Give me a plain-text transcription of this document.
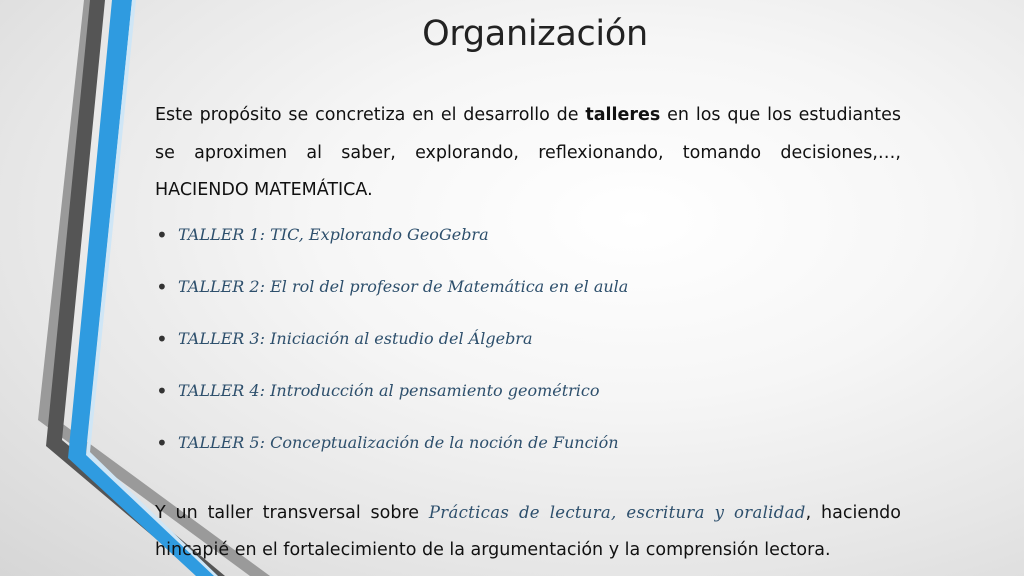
Organización

Este propósito se concretiza en el desarrollo de talleres en los que los estudiantes se aproximen al saber, explorando, reflexionando, tomando decisiones,…, HACIENDO MATEMÁTICA.

• TALLER 1: TIC, Explorando GeoGebra
• TALLER 2: El rol del profesor de Matemática en el aula
• TALLER 3: Iniciación al estudio del Álgebra
• TALLER 4: Introducción al pensamiento geométrico
• TALLER 5: Conceptualización de la noción de Función

Y un taller transversal sobre Prácticas de lectura, escritura y oralidad, haciendo hincapié en el fortalecimiento de la argumentación y la comprensión lectora.
